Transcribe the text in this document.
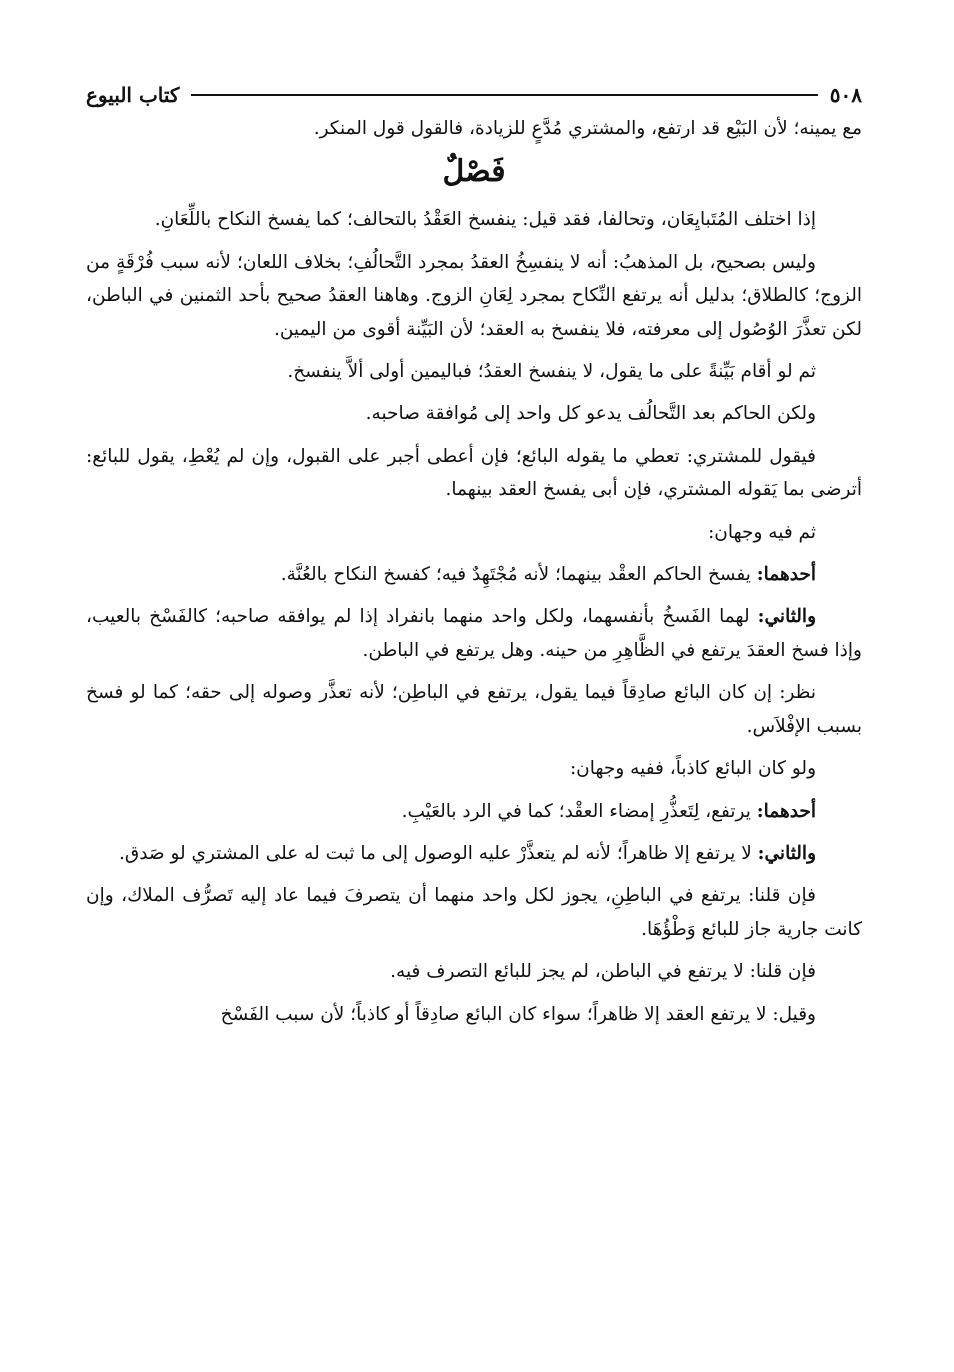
٥٠٨
كتاب البيوع

مع يمينه؛ لأن البَيْع قد ارتفع، والمشتري مُدَّعٍ للزيادة، فالقول قول المنكر.

فَصْلٌ

إذا اختلف المُتَبايِعَان، وتحالفا، فقد قيل: ينفسخ العَقْدُ بالتحالف؛ كما يفسخ النكاح باللِّعَانِ.

وليس بصحيح، بل المذهبُ: أنه لا ينفسِخُ العقدُ بمجرد التَّحالُفِ؛ بخلاف اللعان؛ لأنه سبب فُرْقَةٍ من الزوج؛ كالطلاق؛ بدليل أنه يرتفع النِّكاح بمجرد لِعَانِ الزوج. وهاهنا العقدُ صحيح بأحد الثمنين في الباطن، لكن تعذَّرَ الوُصُول إلى معرفته، فلا ينفسخ به العقد؛ لأن البَيِّنة أقوى من اليمين.

ثم لو أقام بَيِّنةً على ما يقول، لا ينفسخ العقدُ؛ فباليمين أولى ألاَّ ينفسخ.

ولكن الحاكم بعد التَّحالُف يدعو كل واحد إلى مُوافقة صاحبه.

فيقول للمشتري: تعطي ما يقوله البائع؛ فإن أعطى أجبر على القبول، وإن لم يُعْطِ، يقول للبائع: أترضى بما يَقوله المشتري، فإن أبى يفسخ العقد بينهما.

ثم فيه وجهان:

أحدهما: يفسخ الحاكم العقْد بينهما؛ لأنه مُجْتَهِدٌ فيه؛ كفسخ النكاح بالعُنَّة.

والثاني: لهما الفَسخُ بأنفسهما، ولكل واحد منهما بانفراد إذا لم يوافقه صاحبه؛ كالفَسْخ بالعيب، وإذا فسخ العقدَ يرتفع في الظَّاهِرِ من حينه. وهل يرتفع في الباطن.

نظر: إن كان البائع صادِقاً فيما يقول، يرتفع في الباطِن؛ لأنه تعذَّر وصوله إلى حقه؛ كما لو فسخ بسبب الإفْلاَس.

ولو كان البائع كاذباً، ففيه وجهان:

أحدهما: يرتفع، لِتَعذُّرِ إمضاء العقْد؛ كما في الرد بالعَيْبِ.

والثاني: لا يرتفع إلا ظاهراً؛ لأنه لم يتعذَّرْ عليه الوصول إلى ما ثبت له على المشتري لو صَدق.

فإن قلنا: يرتفع في الباطِنِ، يجوز لكل واحد منهما أن يتصرفَ فيما عاد إليه تَصرُّف الملاك، وإن كانت جارية جاز للبائع وَطْؤُهَا.

فإن قلنا: لا يرتفع في الباطن، لم يجز للبائع التصرف فيه.

وقيل: لا يرتفع العقد إلا ظاهراً؛ سواء كان البائع صادِقاً أو كاذباً؛ لأن سبب الفَسْخ
